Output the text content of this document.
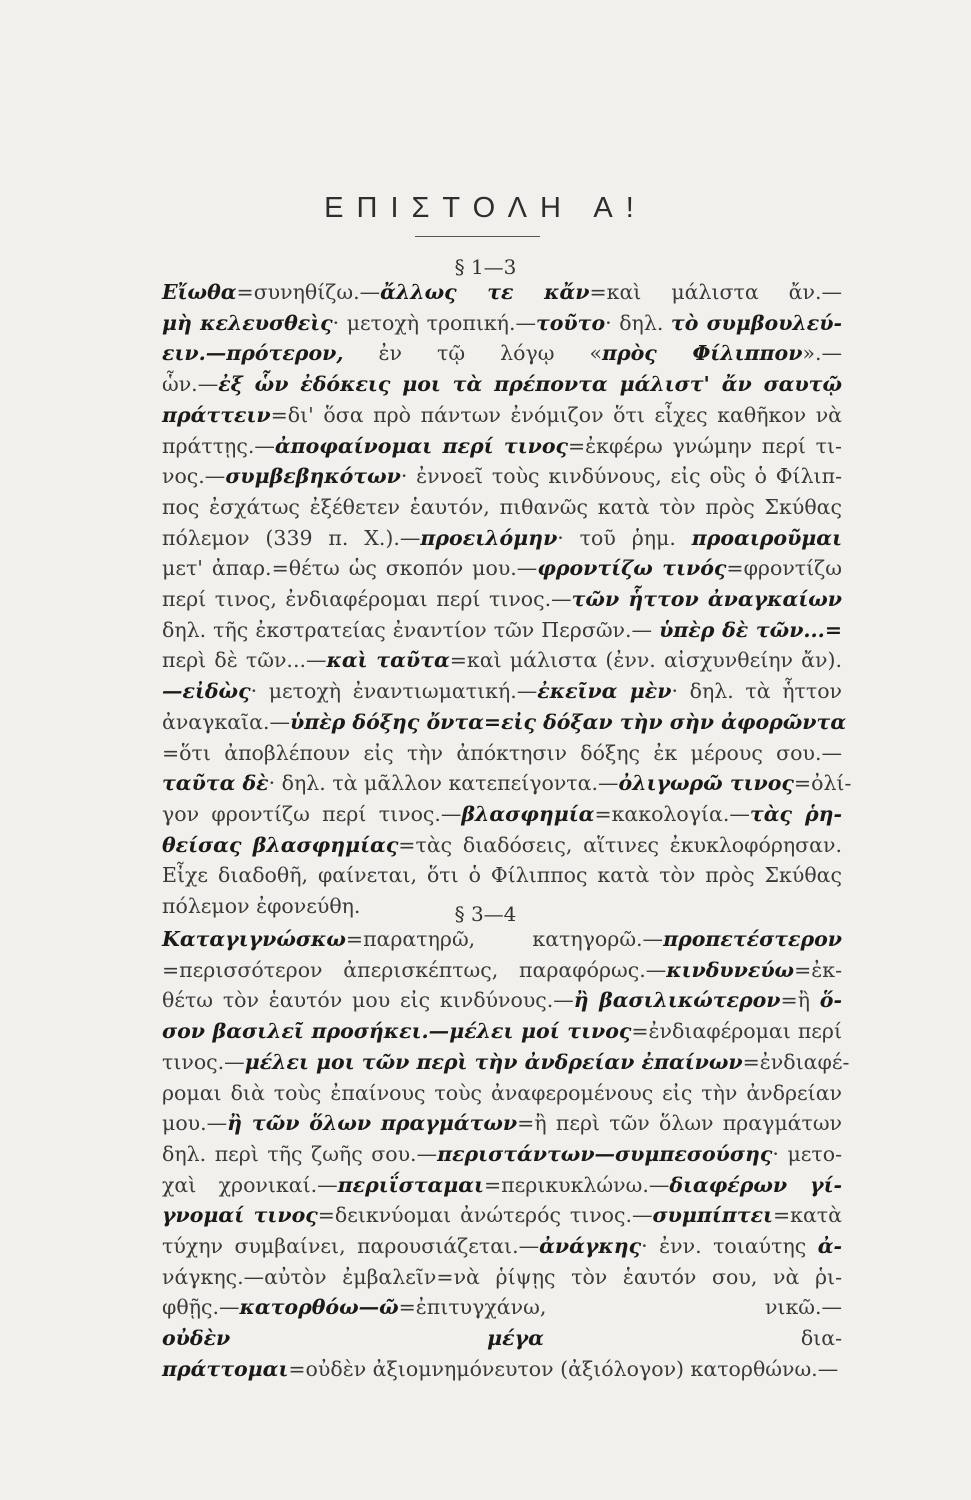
ΕΠΙΣΤΟΛΗ Α!
§ 1—3
Εἴωθα=συνηθίζω.—ἄλλως τε κἄν=καὶ μάλιστα ἄν.—
μὴ κελευσθεὶς· μετοχὴ τροπική.—τοῦτο· δηλ. τὸ συμβουλεύ-
ειν.—πρότερον, ἐν τῷ λόγῳ «πρὸς Φίλιππον».—
ὧν.—ἐξ ὧν ἐδόκεις μοι τὰ πρέποντα μάλιστ' ἄν σαυτῷ
πράττειν=δι' ὅσα πρὸ πάντων ἐνόμιζον ὅτι εἶχες καθῆκον νὰ
πράττῃς.—ἀποφαίνομαι περί τινος=ἐκφέρω γνώμην περί τι-
νος.—συμβεβηκότων· ἐννοεῖ τοὺς κινδύνους, εἰς οὓς ὁ Φίλιπ-
πος ἐσχάτως ἐξέθετεν ἑαυτόν, πιθανῶς κατὰ τὸν πρὸς Σκύθας
πόλεμον (339 π. Χ.).—προειλόμην· τοῦ ῥημ. προαιροῦμαι
μετ' ἀπαρ.=θέτω ὡς σκοπόν μου.—φροντίζω τινός=φροντίζω
περί τινος, ἐνδιαφέρομαι περί τινος.—τῶν ἧττον ἀναγκαίων
δηλ. τῆς ἐκστρατείας ἐναντίον τῶν Περσῶν.— ὑπὲρ δὲ τῶν...=
περὶ δὲ τῶν...—καὶ ταῦτα=καὶ μάλιστα (ἐνν. αἰσχυνθείην ἄν).
—εἰδὼς· μετοχὴ ἐναντιωματική.—ἐκεῖνα μὲν· δηλ. τὰ ἧττον
ἀναγκαῖα.—ὑπὲρ δόξης ὄντα=εἰς δόξαν τὴν σὴν ἀφορῶντα
=ὅτι ἀποβλέπουν εἰς τὴν ἀπόκτησιν δόξης ἐκ μέρους σου.—
ταῦτα δὲ· δηλ. τὰ μᾶλλον κατεπείγοντα.—ὀλιγωρῶ τινος=ὀλί-
γον φροντίζω περί τινος.—βλασφημία=κακολογία.—τὰς ῥη-
θείσας βλασφημίας=τὰς διαδόσεις, αἵτινες ἐκυκλοφόρησαν.
Εἶχε διαδοθῆ, φαίνεται, ὅτι ὁ Φίλιππος κατὰ τὸν πρὸς Σκύθας
πόλεμον ἐφονεύθη.	§ 3—4
Καταγιγνώσκω=παρατηρῶ, κατηγορῶ.—προπετέστερον
=περισσότερον ἀπερισκέπτως, παραφόρως.—κινδυνεύω=ἐκ-
θέτω τὸν ἑαυτόν μου εἰς κινδύνους.—ἢ βασιλικώτερον=ἢ ὅ-
σον βασιλεῖ προσήκει.—μέλει μοί τινος=ἐνδιαφέρομαι περί
τινος.—μέλει μοι τῶν περὶ τὴν ἀνδρείαν ἐπαίνων=ἐνδιαφέ-
ρομαι διὰ τοὺς ἐπαίνους τοὺς ἀναφερομένους εἰς τὴν ἀνδρείαν
μου.—ἢ τῶν ὅλων πραγμάτων=ἢ περὶ τῶν ὅλων πραγμάτων
δηλ. περὶ τῆς ζωῆς σου.—περιστάντων—συμπεσούσης· μετο-
χαὶ χρονικαί.—περιΐσταμαι=περικυκλώνω.—διαφέρων γί-
γνομαί τινος=δεικνύομαι ἀνώτερός τινος.—συμπίπτει=κατὰ
τύχην συμβαίνει, παρουσιάζεται.—ἀνάγκης· ἐνν. τοιαύτης ἀ-
νάγκης.—αὐτὸν ἐμβαλεῖν=νὰ ῥίψῃς τὸν ἑαυτόν σου, νὰ ῥι-
φθῇς.—κατορθόω—ῶ=ἐπιτυγχάνω, νικῶ.—
οὐδὲν μέγα δια-
πράττομαι=οὐδὲν ἀξιομνημόνευτον (ἀξιόλογον) κατορθώνω.—
